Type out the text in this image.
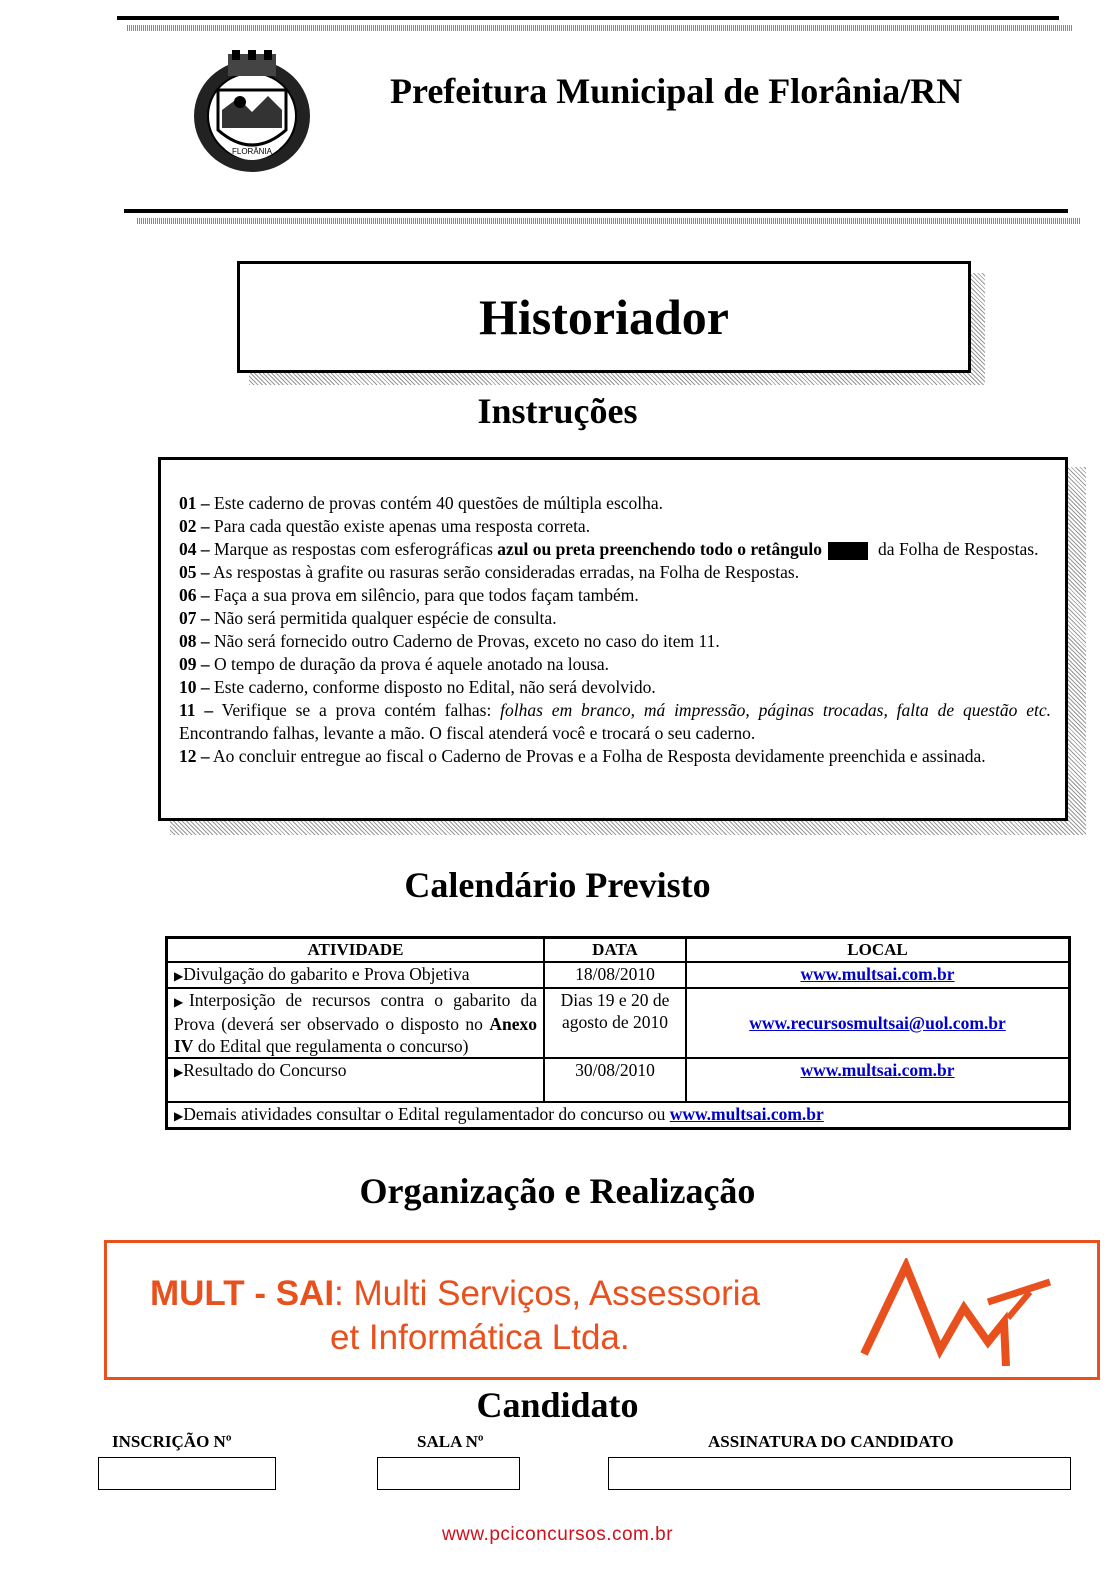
FLORÂNIA
Prefeitura Municipal de Florânia/RN
Historiador
Instruções

01 – Este caderno de provas contém 40 questões de múltipla escolha.

02 – Para cada questão existe apenas uma resposta correta.

04 – Marque as respostas com esferográficas azul ou preta preenchendo todo o retângulo	da Folha de Respostas.

05 – As respostas à grafite ou rasuras serão consideradas erradas, na Folha de Respostas.

06 – Faça a sua prova em silêncio, para que todos façam também.

07 – Não será permitida qualquer espécie de consulta.

08 – Não será fornecido outro Caderno de Provas, exceto no caso do item 11.

09 – O tempo de duração da prova é aquele anotado na lousa.

10 – Este caderno, conforme disposto no Edital, não será devolvido.

11 – Verifique se a prova contém falhas: folhas em branco, má impressão, páginas trocadas, falta de questão etc. Encontrando falhas, levante a mão. O fiscal atenderá você e trocará o seu caderno.

12 – Ao concluir entregue ao fiscal o Caderno de Provas e a Folha de Resposta devidamente preenchida e assinada.

Calendário Previsto
ATIVIDADE	DATA	LOCAL
▶Divulgação do gabarito e Prova Objetiva	18/08/2010	www.multsai.com.br
▶Interposição de recursos contra o gabarito da Prova (deverá ser observado o disposto no Anexo IV do Edital que regulamenta o concurso)	Dias 19 e 20 de agosto de 2010	www.recursosmultsai@uol.com.br
▶Resultado do Concurso	30/08/2010	www.multsai.com.br
▶Demais atividades consultar o Edital regulamentador do concurso ou www.multsai.com.br		
Organização e Realização
MULT - SAI: Multi Serviços, Assessoria
et Informática Ltda.
Candidato
INSCRIÇÃO Nº	SALA Nº	ASSINATURA DO CANDIDATO
www.pciconcursos.com.br
